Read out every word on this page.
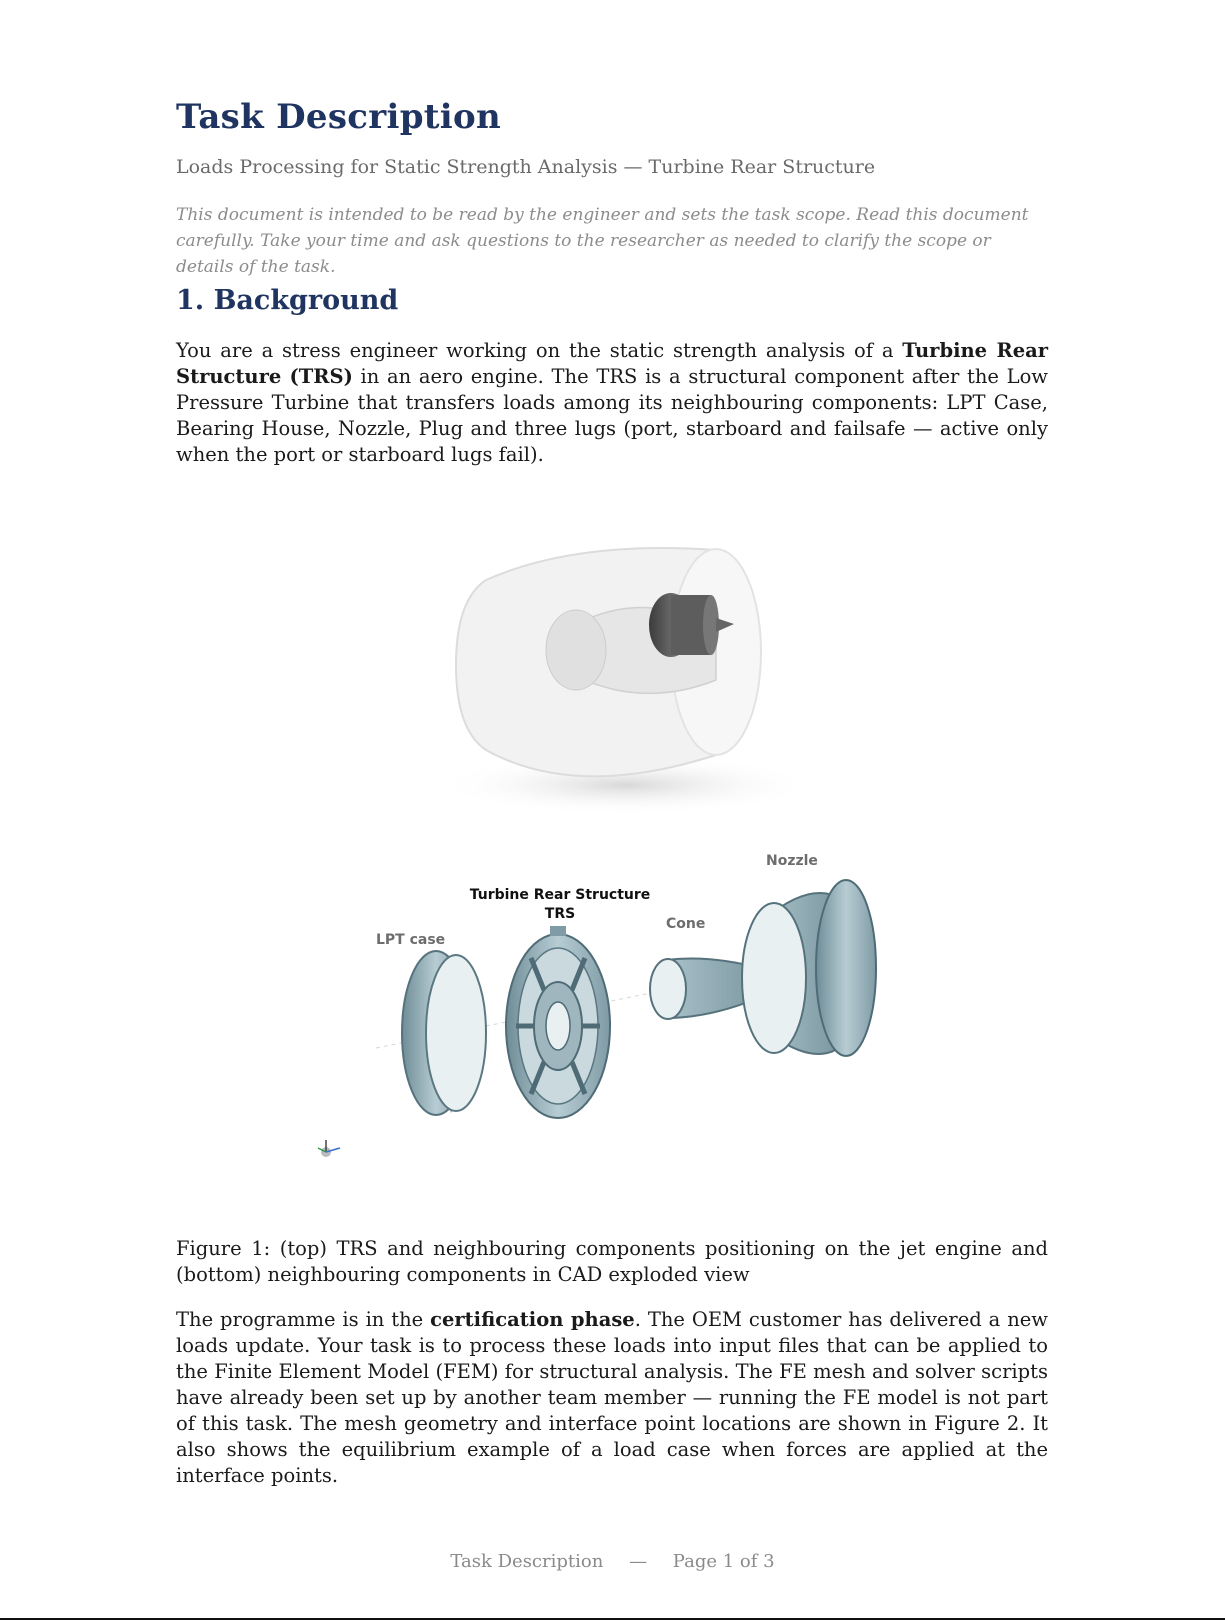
Task Description
Loads Processing for Static Strength Analysis — Turbine Rear Structure
This document is intended to be read by the engineer and sets the task scope. Read this document carefully. Take your time and ask questions to the researcher as needed to clarify the scope or details of the task.
1. Background
You are a stress engineer working on the static strength analysis of a Turbine Rear Structure (TRS) in an aero engine. The TRS is a structural component after the Low Pressure Turbine that transfers loads among its neighbouring components: LPT Case, Bearing House, Nozzle, Plug and three lugs (port, starboard and failsafe — active only when the port or starboard lugs fail).
LPT case
Turbine Rear Structure
TRS
Cone
Nozzle
Figure 1: (top) TRS and neighbouring components positioning on the jet engine and (bottom) neighbouring components in CAD exploded view
The programme is in the certification phase. The OEM customer has delivered a new loads update. Your task is to process these loads into input files that can be applied to the Finite Element Model (FEM) for structural analysis. The FE mesh and solver scripts have already been set up by another team member — running the FE model is not part of this task. The mesh geometry and interface point locations are shown in Figure 2. It also shows the equilibrium example of a load case when forces are applied at the interface points.
Task Description — Page 1 of 3
